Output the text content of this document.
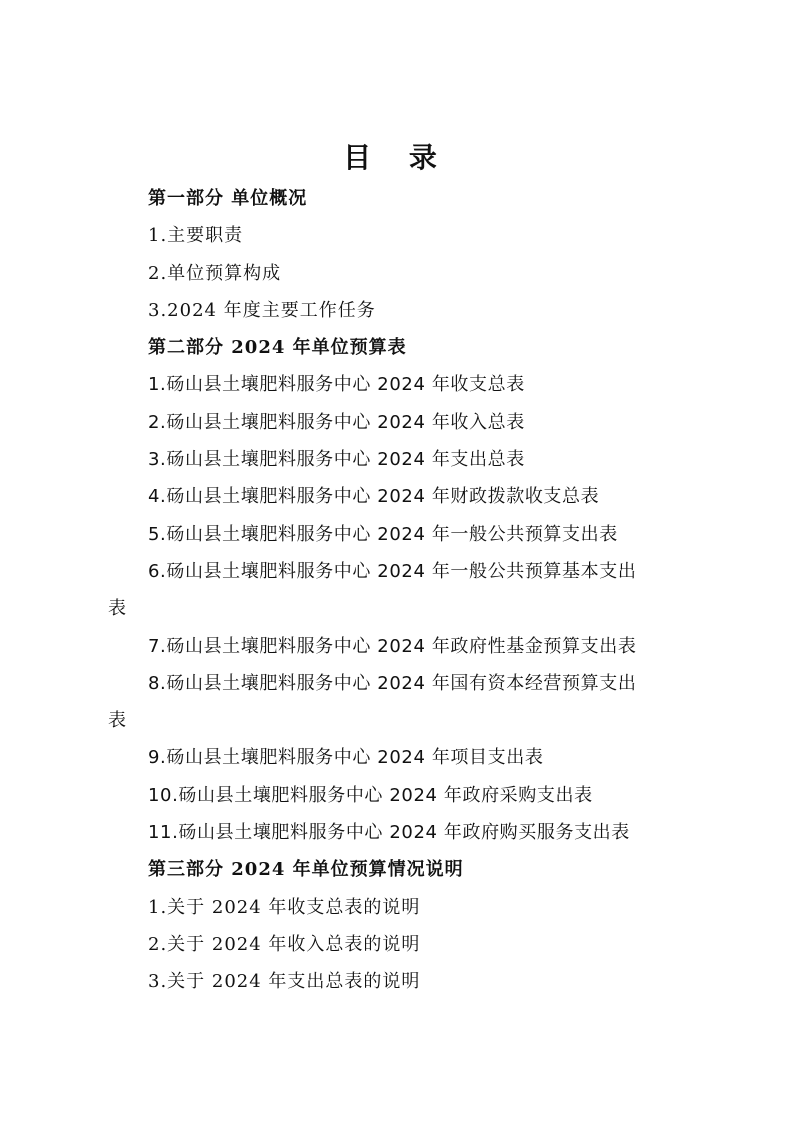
目 录
第一部分 单位概况
1.主要职责
2.单位预算构成
3.2024 年度主要工作任务
第二部分 2024 年单位预算表
1.砀山县土壤肥料服务中心 2024 年收支总表
2.砀山县土壤肥料服务中心 2024 年收入总表
3.砀山县土壤肥料服务中心 2024 年支出总表
4.砀山县土壤肥料服务中心 2024 年财政拨款收支总表
5.砀山县土壤肥料服务中心 2024 年一般公共预算支出表
6.砀山县土壤肥料服务中心 2024 年一般公共预算基本支出
表
7.砀山县土壤肥料服务中心 2024 年政府性基金预算支出表
8.砀山县土壤肥料服务中心 2024 年国有资本经营预算支出
表
9.砀山县土壤肥料服务中心 2024 年项目支出表
10.砀山县土壤肥料服务中心 2024 年政府采购支出表
11.砀山县土壤肥料服务中心 2024 年政府购买服务支出表
第三部分 2024 年单位预算情况说明
1.关于 2024 年收支总表的说明
2.关于 2024 年收入总表的说明
3.关于 2024 年支出总表的说明
